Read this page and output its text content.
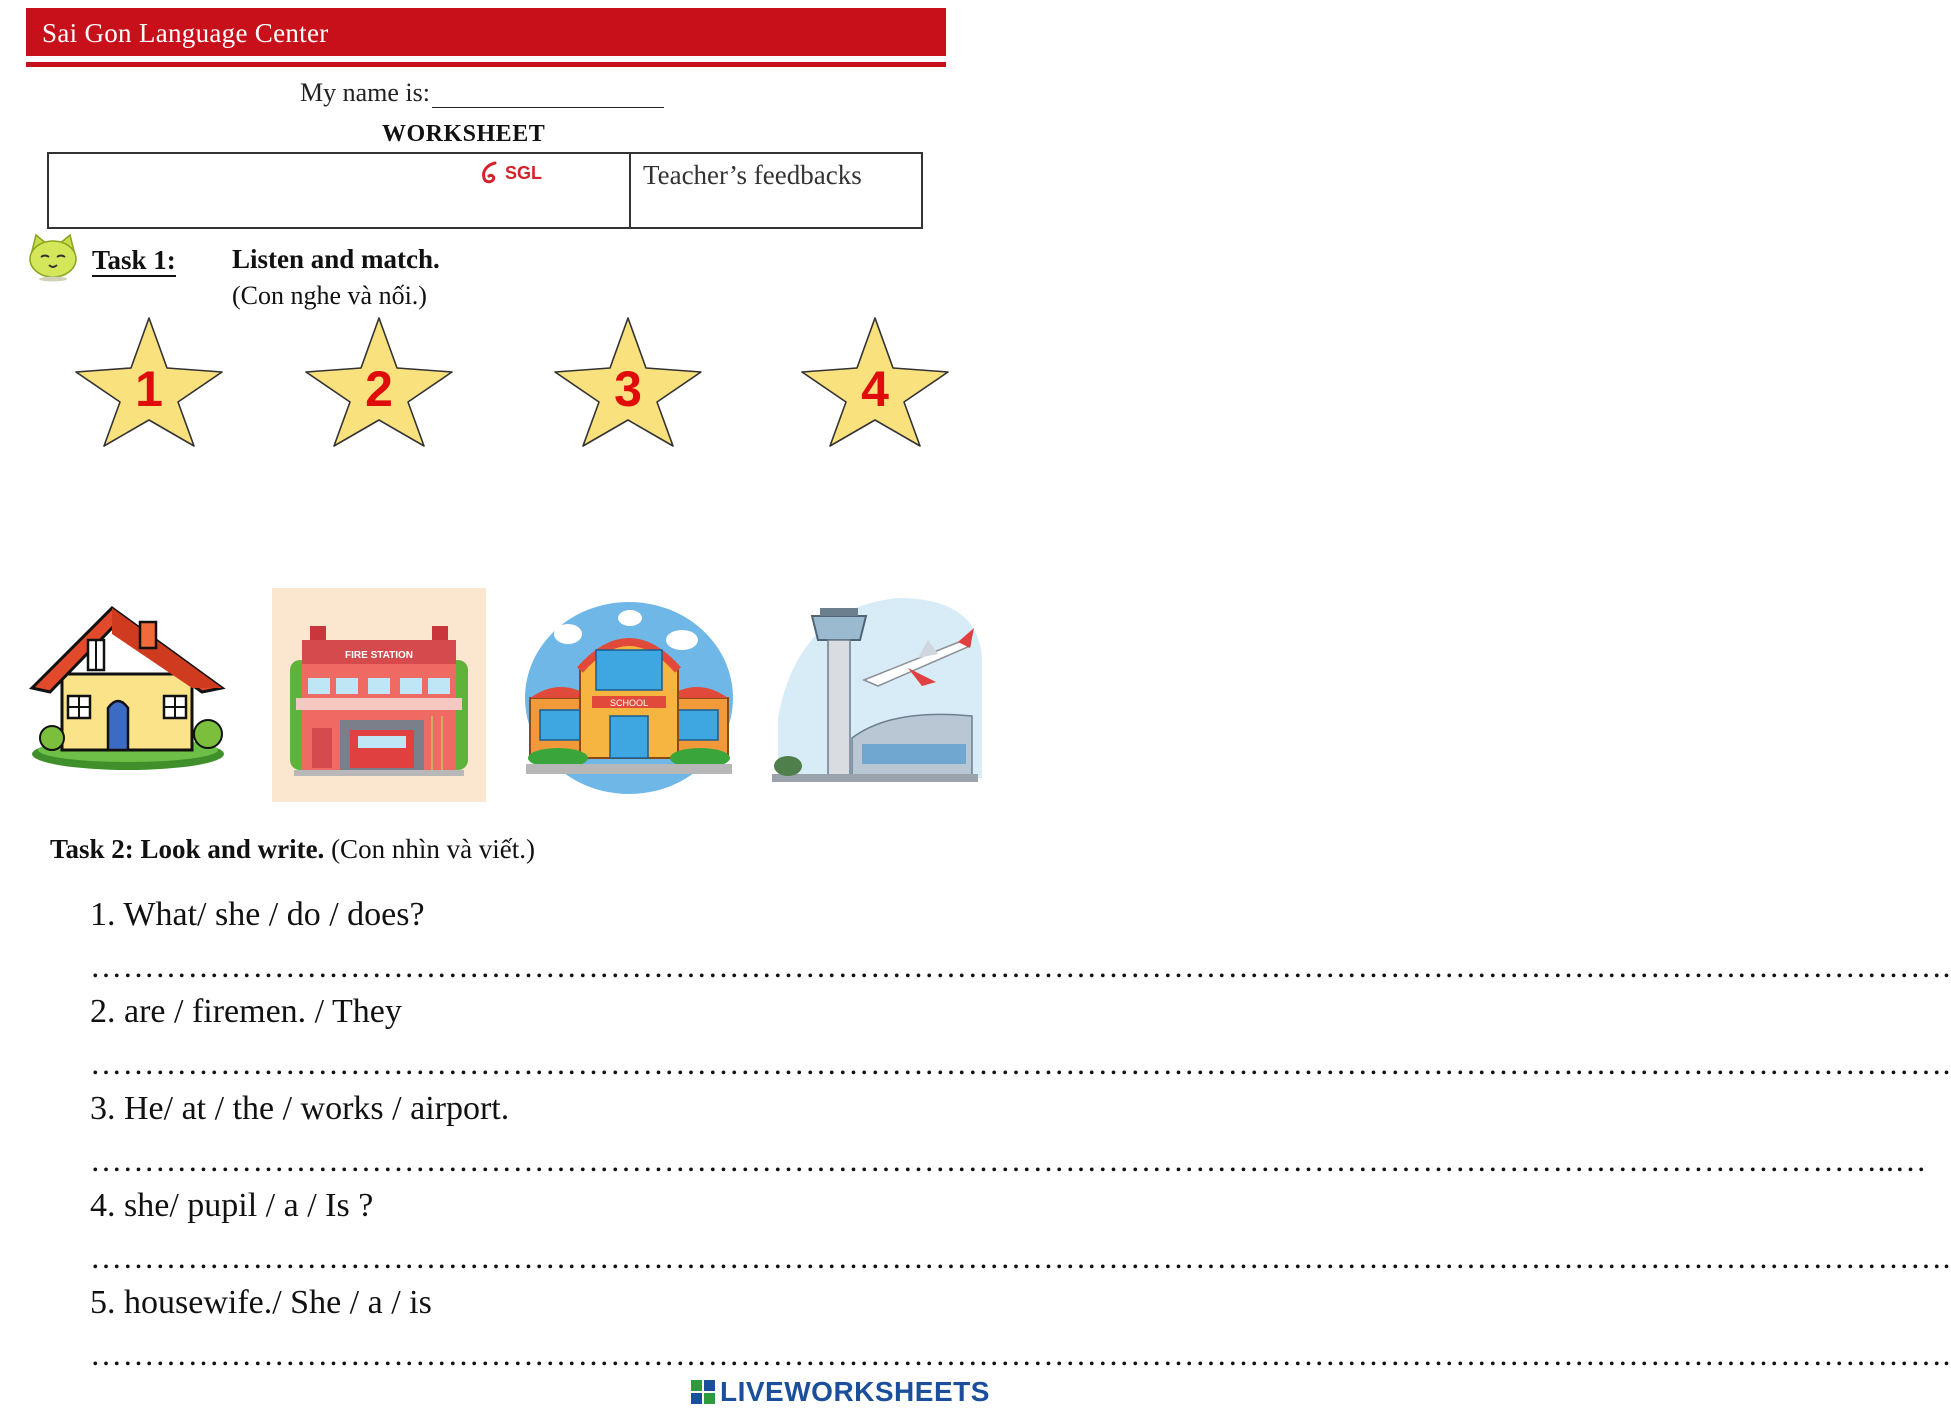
Sai Gon Language Center
My name is:
WORKSHEET
SGL	Teacher’s feedbacks
Task 1: Listen and match.
(Con nghe và nối.)
1	2	3	4
FIRE STATION
SCHOOL
Task 2: Look and write. (Con nhìn và viết.)
1. What/ she / do / does?
……………………………………………………………………………………………………………………………………………………….
2. are / firemen. / They
……………………………………………………………………………………………………………………………………………………….
3. He/ at / the / works / airport.
…………………………………………………………………………………………………………………………………………………..…
4. she/ pupil / a / Is ?
……………………………………………………………………………………………………………………………………………………….
5. housewife./ She / a / is
……………………………………………………………………………………………………………………………………………………….
LIVEWORKSHEETS
